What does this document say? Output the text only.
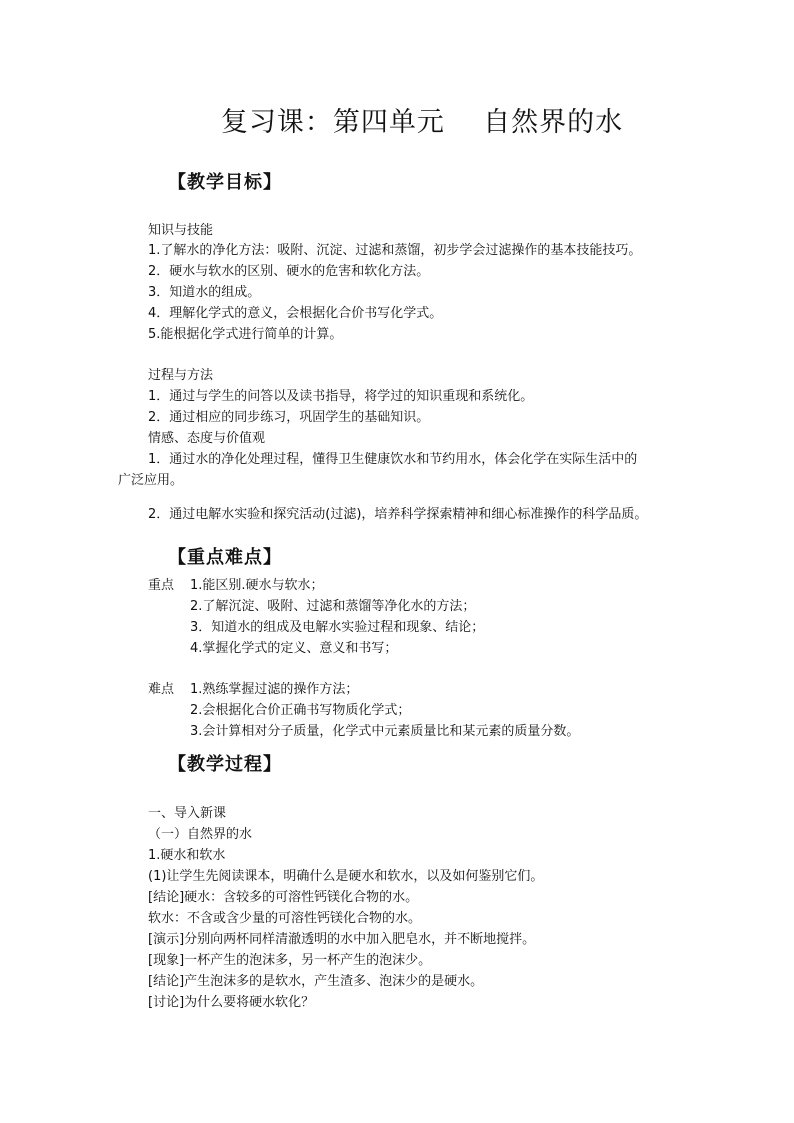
复习课：第四单元    自然界的水
【教学目标】
知识与技能
1.了解水的净化方法：吸附、沉淀、过滤和蒸馏，初步学会过滤操作的基本技能技巧。
2．硬水与软水的区别、硬水的危害和软化方法。
3．知道水的组成。
4．理解化学式的意义，会根据化合价书写化学式。
5.能根据化学式进行简单的计算。
过程与方法
1．通过与学生的问答以及读书指导，将学过的知识重现和系统化。
2．通过相应的同步练习，巩固学生的基础知识。
情感、态度与价值观
1．通过水的净化处理过程，懂得卫生健康饮水和节约用水，体会化学在实际生活中的
广泛应用。
2．通过电解水实验和探究活动(过滤)，培养科学探索精神和细心标准操作的科学品质。
【重点难点】
重点 1.能区别.硬水与软水；
2.了解沉淀、吸附、过滤和蒸馏等净化水的方法；
3．知道水的组成及电解水实验过程和现象、结论；
4.掌握化学式的定义、意义和书写；
难点 1.熟练掌握过滤的操作方法；
2.会根据化合价正确书写物质化学式；
3.会计算相对分子质量，化学式中元素质量比和某元素的质量分数。
【教学过程】
一、导入新课
（一）自然界的水
1.硬水和软水
(1)让学生先阅读课本，明确什么是硬水和软水，以及如何鉴别它们。
[结论]硬水：含较多的可溶性钙镁化合物的水。
软水：不含或含少量的可溶性钙镁化合物的水。
[演示]分别向两杯同样清澈透明的水中加入肥皂水，并不断地搅拌。
[现象]一杯产生的泡沫多，另一杯产生的泡沫少。
[结论]产生泡沫多的是软水，产生渣多、泡沫少的是硬水。
[讨论]为什么要将硬水软化？
